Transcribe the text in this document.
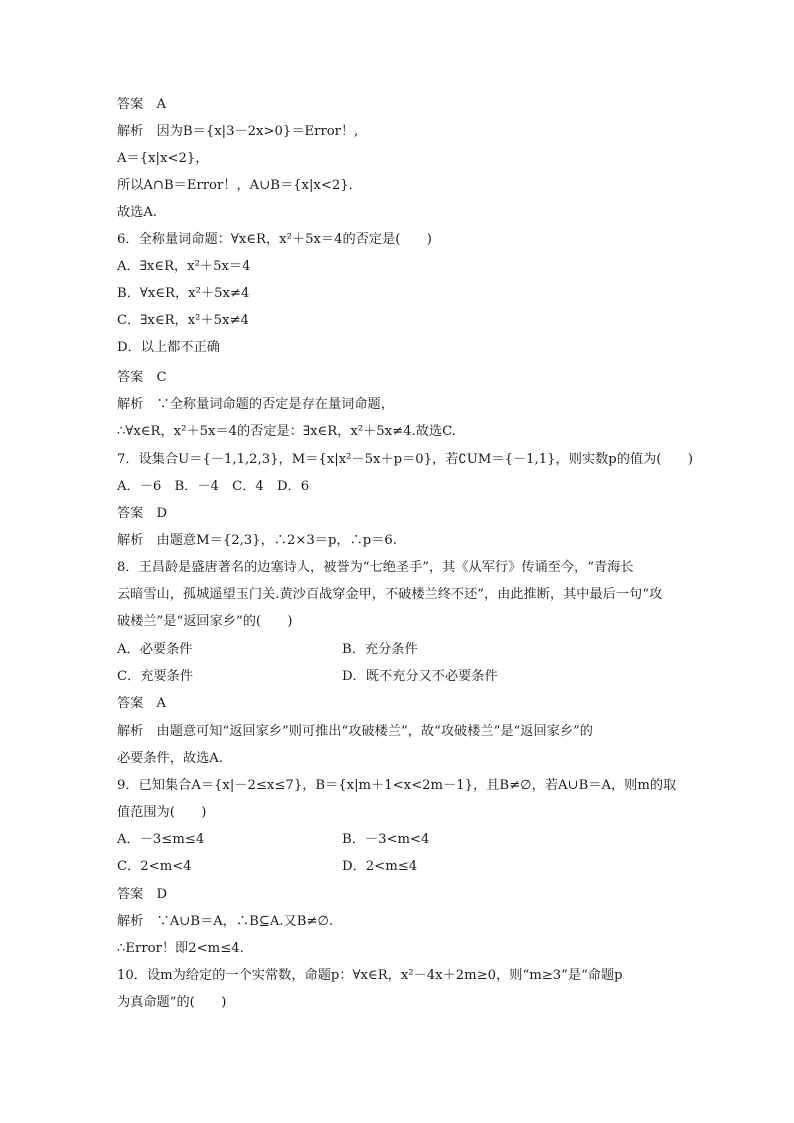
答案　A
解析　因为B＝{x|3－2x>0}＝Error！,
A＝{x|x<2}，
所以A∩B＝Error！，A∪B＝{x|x<2}．
故选A.
6．全称量词命题：∀x∈R，x²＋5x＝4的否定是(　　)
A．∃x∈R，x²＋5x＝4
B．∀x∈R，x²＋5x≠4
C．∃x∈R，x²＋5x≠4
D．以上都不正确
答案　C
解析　∵全称量词命题的否定是存在量词命题，
∴∀x∈R，x²＋5x＝4的否定是：∃x∈R，x²＋5x≠4.故选C.
7．设集合U＝{－1,1,2,3}，M＝{x|x²－5x＋p＝0}，若∁UM＝{－1,1}，则实数p的值为(　　)
A．－6　B．－4　C．4　D．6
答案　D
解析　由题意M＝{2,3}，∴2×3＝p，∴p＝6.
8．王昌龄是盛唐著名的边塞诗人，被誉为“七绝圣手”，其《从军行》传诵至今，“青海长
云暗雪山，孤城遥望玉门关.黄沙百战穿金甲，不破楼兰终不还”，由此推断，其中最后一句“攻
破楼兰”是“返回家乡”的(　　)
A．必要条件	B．充分条件
C．充要条件	D．既不充分又不必要条件
答案　A
解析　由题意可知“返回家乡”则可推出“攻破楼兰”，故“攻破楼兰”是“返回家乡”的
必要条件，故选A.
9．已知集合A＝{x|－2≤x≤7}，B＝{x|m＋1<x<2m－1}，且B≠∅，若A∪B＝A，则m的取
值范围为(　　)
A．－3≤m≤4	B．－3<m<4
C．2<m<4	D．2<m≤4
答案　D
解析　∵A∪B＝A，∴B⊆A.又B≠∅.
∴Error！即2<m≤4.
10．设m为给定的一个实常数，命题p：∀x∈R，x²－4x＋2m≥0，则“m≥3”是“命题p
为真命题”的(　　)
